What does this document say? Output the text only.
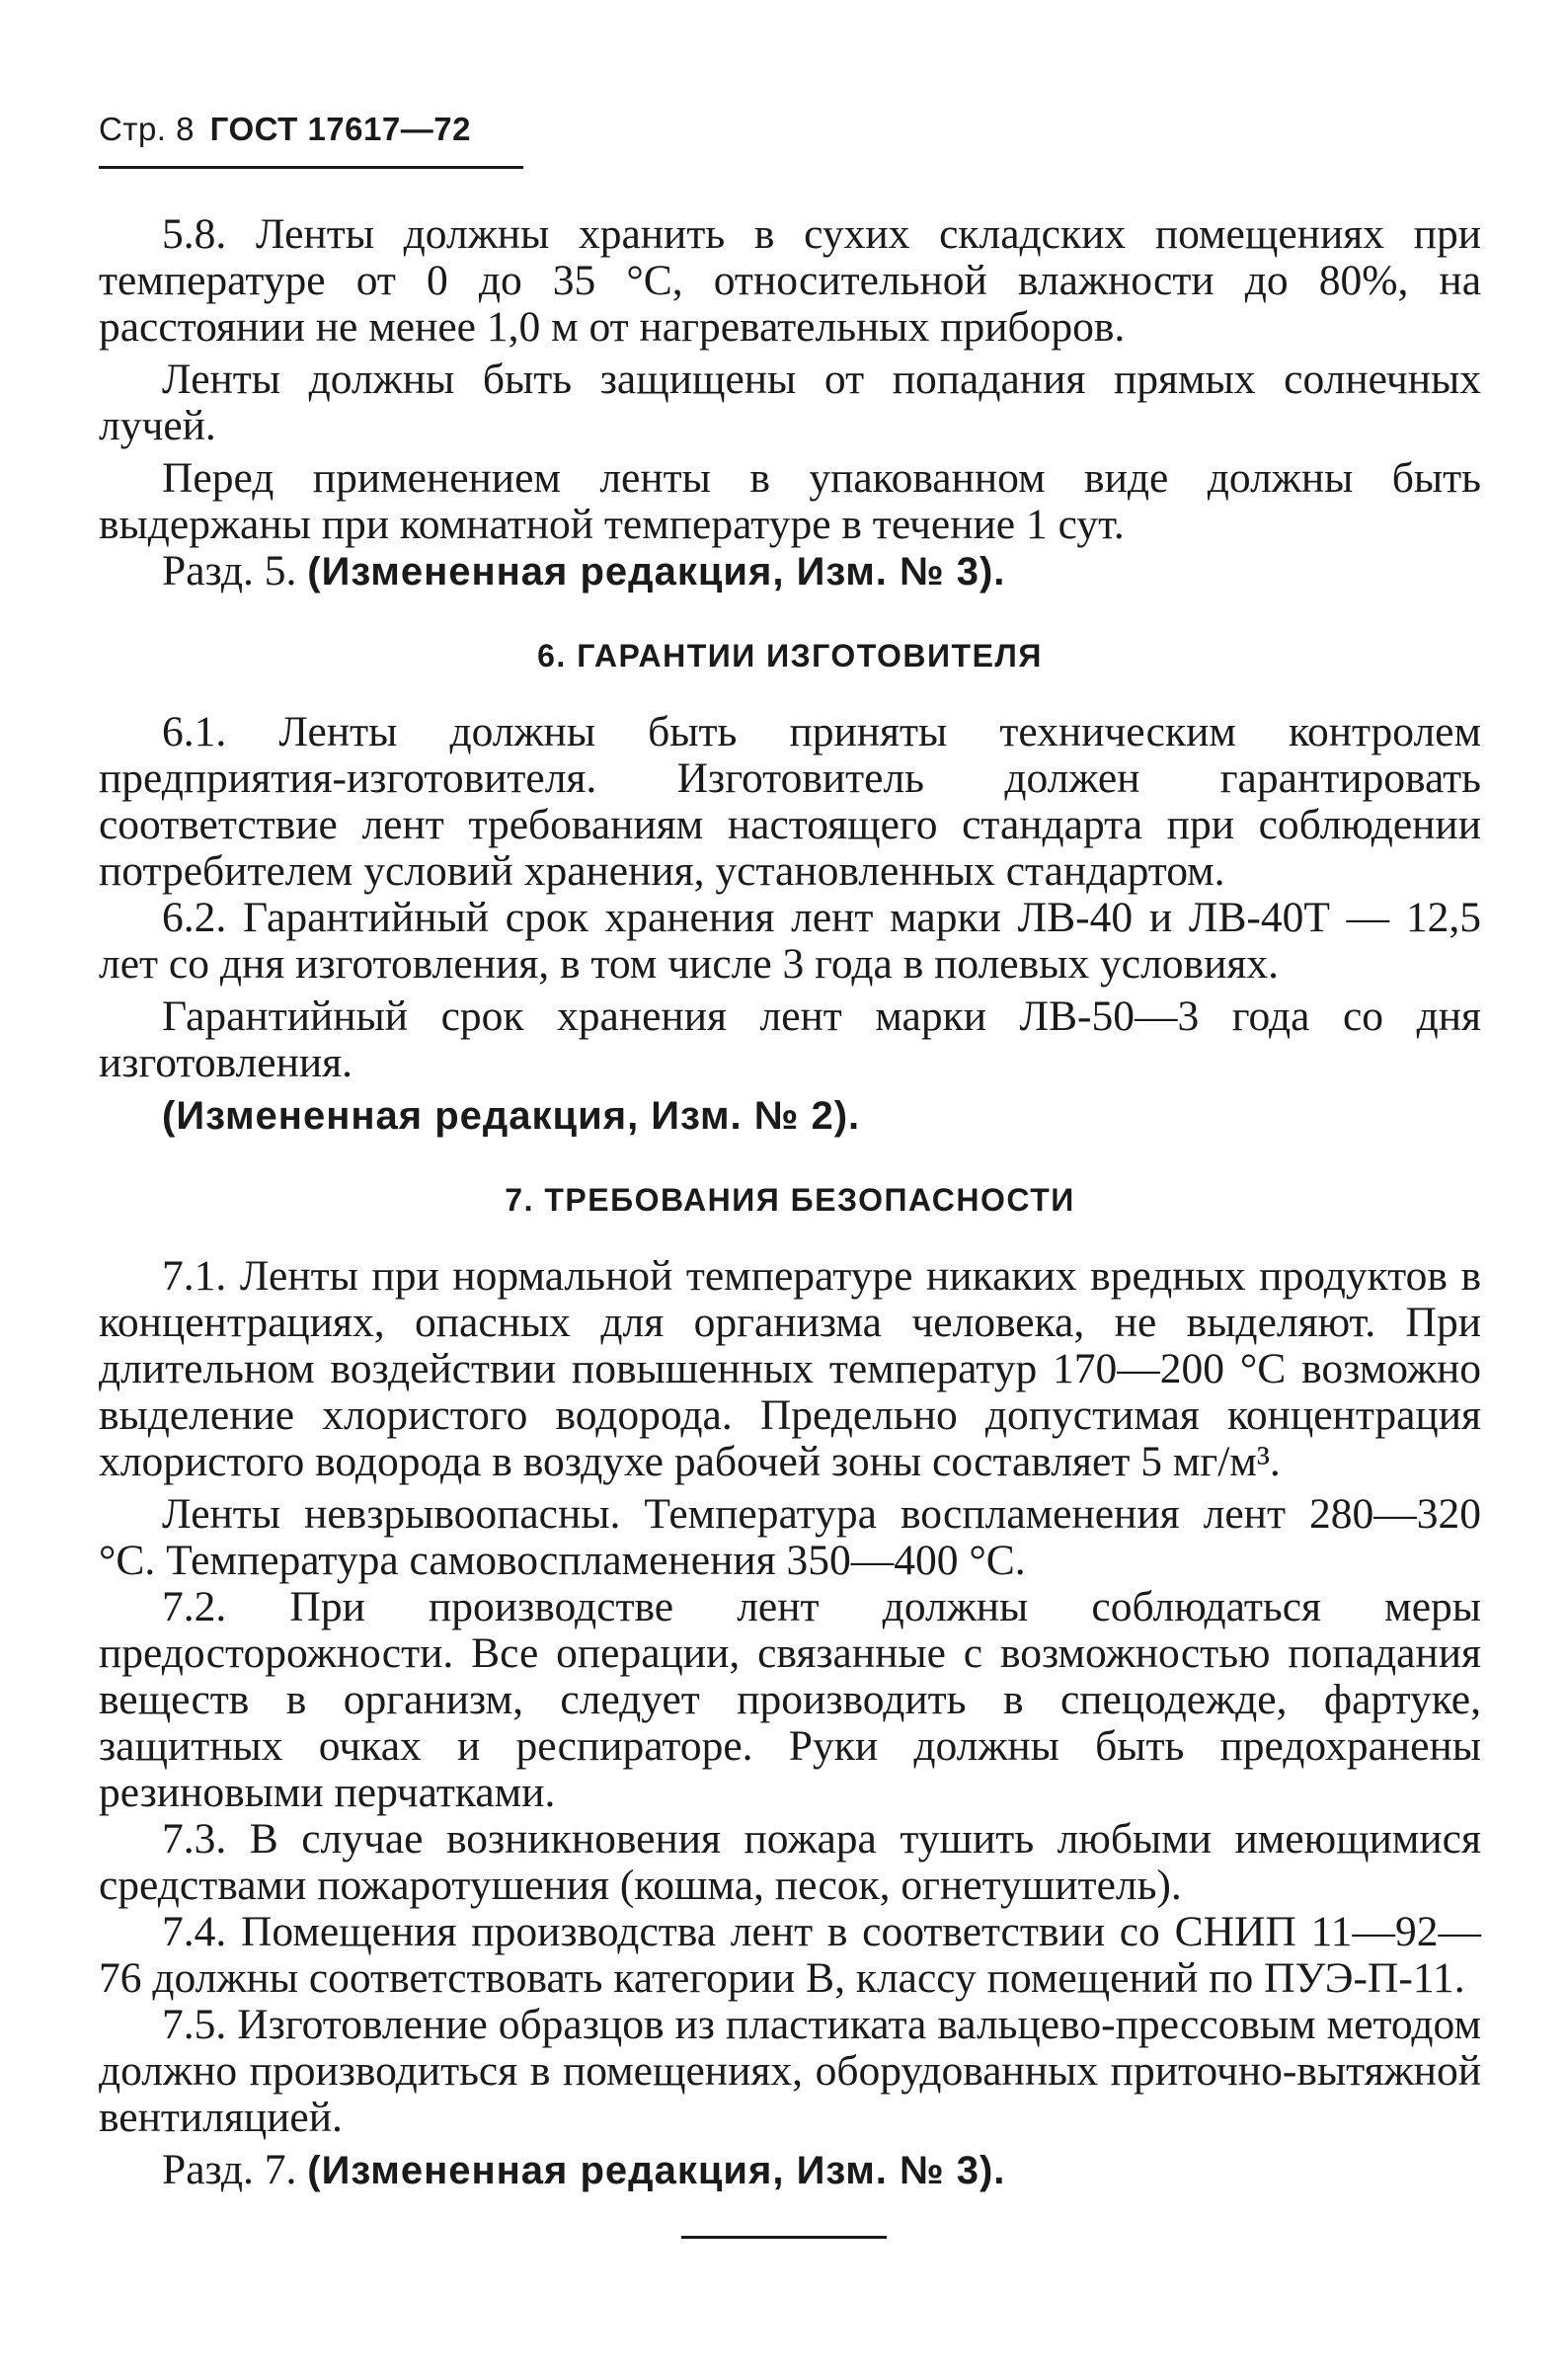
Стр. 8 ГОСТ 17617—72

5.8. Ленты должны хранить в сухих складских помещениях при температуре от 0 до 35 °С, относительной влажности до 80%, на расстоянии не менее 1,0 м от нагревательных приборов.

Ленты должны быть защищены от попадания прямых солнечных лучей.

Перед применением ленты в упакованном виде должны быть выдержаны при комнатной температуре в течение 1 сут.

Разд. 5. (Измененная редакция, Изм. № 3).

6. ГАРАНТИИ ИЗГОТОВИТЕЛЯ

6.1. Ленты должны быть приняты техническим контролем предприятия-изготовителя. Изготовитель должен гарантировать соответствие лент требованиям настоящего стандарта при соблюдении потребителем условий хранения, установленных стандартом.

6.2. Гарантийный срок хранения лент марки ЛВ-40 и ЛВ-40Т — 12,5 лет со дня изготовления, в том числе 3 года в полевых условиях.

Гарантийный срок хранения лент марки ЛВ-50—3 года со дня изготовления.

(Измененная редакция, Изм. № 2).

7. ТРЕБОВАНИЯ БЕЗОПАСНОСТИ

7.1. Ленты при нормальной температуре никаких вредных продуктов в концентрациях, опасных для организма человека, не выделяют. При длительном воздействии повышенных температур 170—200 °С возможно выделение хлористого водорода. Предельно допустимая концентрация хлористого водорода в воздухе рабочей зоны составляет 5 мг/м³.

Ленты невзрывоопасны. Температура воспламенения лент 280—320 °С. Температура самовоспламенения 350—400 °С.

7.2. При производстве лент должны соблюдаться меры предосторожности. Все операции, связанные с возможностью попадания веществ в организм, следует производить в спецодежде, фартуке, защитных очках и респираторе. Руки должны быть предохранены резиновыми перчатками.

7.3. В случае возникновения пожара тушить любыми имеющимися средствами пожаротушения (кошма, песок, огнетушитель).

7.4. Помещения производства лент в соответствии со СНИП 11—92—76 должны соответствовать категории В, классу помещений по ПУЭ-П-11.

7.5. Изготовление образцов из пластиката вальцево-прессовым методом должно производиться в помещениях, оборудованных приточно-вытяжной вентиляцией.

Разд. 7. (Измененная редакция, Изм. № 3).
